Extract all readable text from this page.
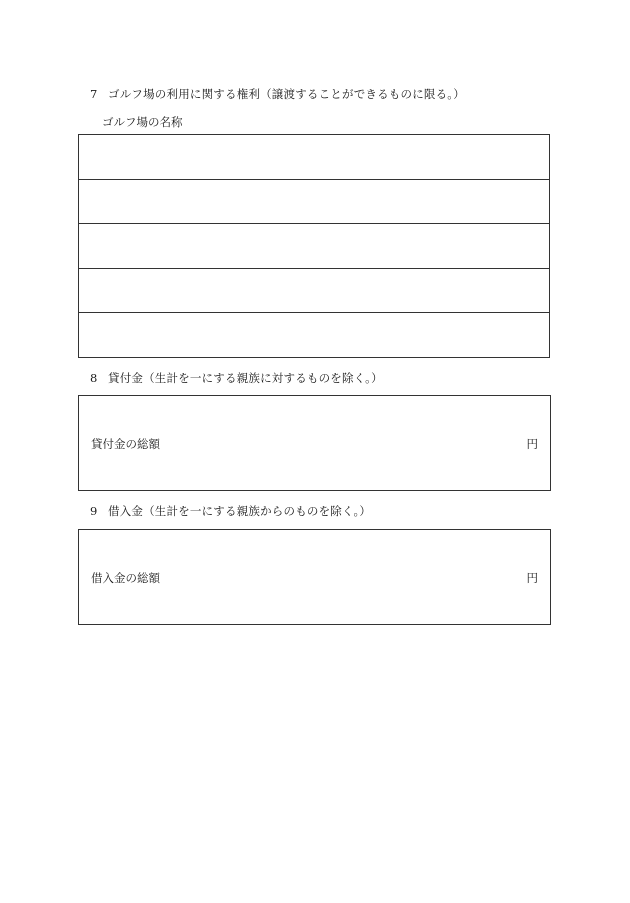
7 ゴルフ場の利用に関する権利（譲渡することができるものに限る。）
ゴルフ場の名称
8 貸付金（生計を一にする親族に対するものを除く。）
貸付金の総額	円
9 借入金（生計を一にする親族からのものを除く。）
借入金の総額	円
